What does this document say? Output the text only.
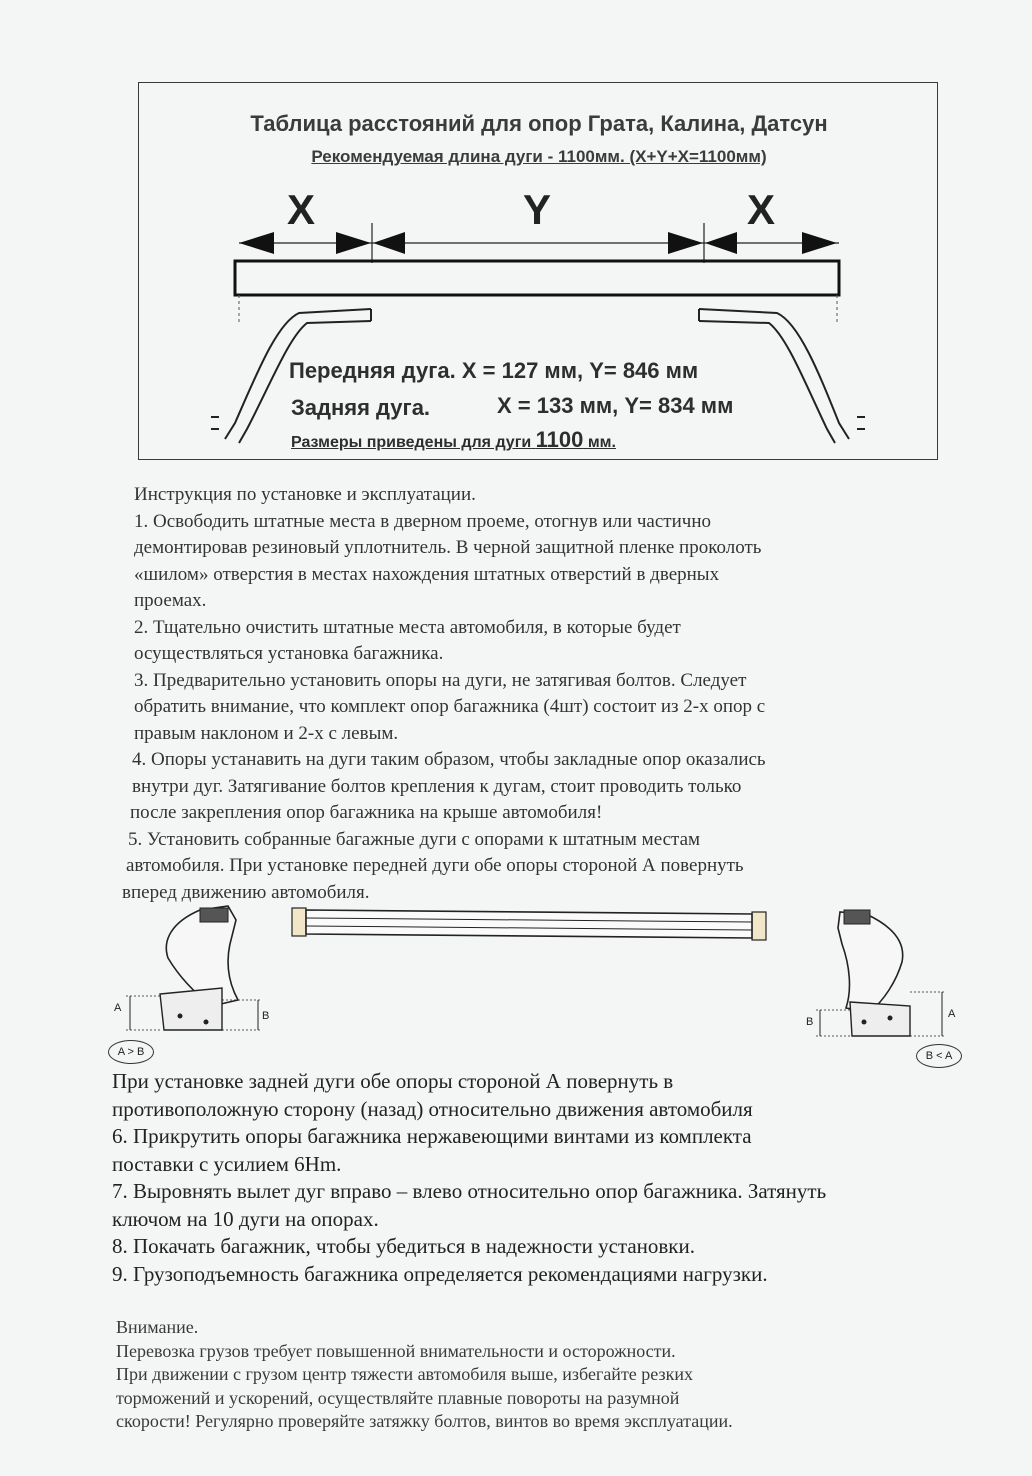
Таблица расстояний для опор Грата, Калина, Датсун
Рекомендуемая длина дуги - 1100мм. (X+Y+X=1100мм)
X	Y	X
Передняя дуга. X = 127 мм, Y= 846 мм
Задняя дуга.	X = 133 мм, Y= 834 мм
Размеры приведены для дуги 1100 мм.
Инструкция по установке и эксплуатации.
1. Освободить штатные места в дверном проеме, отогнув или частично
демонтировав резиновый уплотнитель. В черной защитной пленке проколоть
«шилом» отверстия в местах нахождения штатных отверстий в дверных
проемах.
2. Тщательно очистить штатные места автомобиля, в которые будет
осуществляться установка багажника.
3. Предварительно установить опоры на дуги, не затягивая болтов. Следует
обратить внимание, что комплект опор багажника (4шт) состоит из 2-х опор с
правым наклоном и 2-х с левым.
4. Опоры устанавить на дуги таким образом, чтобы закладные опор оказались
внутри дуг. Затягивание болтов крепления к дугам, стоит проводить только
после закрепления опор багажника на крыше автомобиля!
5. Установить собранные багажные дуги с опорами к штатным местам
автомобиля. При установке передней дуги обе опоры стороной А повернуть
вперед движению автомобиля.
A
B
A > B
B
A
B < A
При установке задней дуги обе опоры стороной А повернуть в
противоположную сторону (назад) относительно движения автомобиля
6. Прикрутить опоры багажника нержавеющими винтами из комплекта
поставки с усилием 6Hm.
7. Выровнять вылет дуг вправо – влево относительно опор багажника. Затянуть
ключом на 10 дуги на опорах.
8. Покачать багажник, чтобы убедиться в надежности установки.
9. Грузоподъемность багажника определяется рекомендациями нагрузки.
Внимание.
Перевозка грузов требует повышенной внимательности и осторожности.
При движении с грузом центр тяжести автомобиля выше, избегайте резких
торможений и ускорений, осуществляйте плавные повороты на разумной
скорости! Регулярно проверяйте затяжку болтов, винтов во время эксплуатации.
